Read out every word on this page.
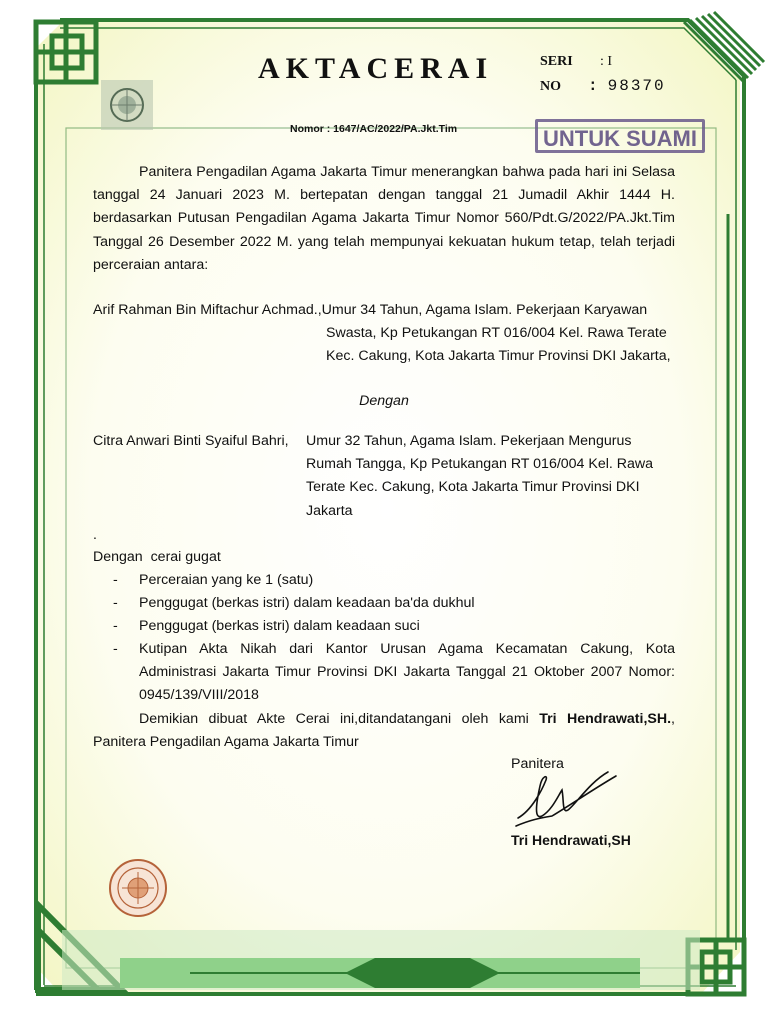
AKTACERAI	SERI : I
NO : 98370
Nomor : 1647/AC/2022/PA.Jkt.Tim	UNTUK SUAMI
Panitera Pengadilan Agama Jakarta Timur menerangkan bahwa pada hari ini Selasa tanggal 24 Januari 2023 M. bertepatan dengan tanggal 21 Jumadil Akhir 1444 H. berdasarkan Putusan Pengadilan Agama Jakarta Timur Nomor 560/Pdt.G/2022/PA.Jkt.Tim Tanggal 26 Desember 2022 M. yang telah mempunyai kekuatan hukum tetap, telah terjadi perceraian antara:
Arif Rahman Bin Miftachur Achmad.,Umur 34 Tahun, Agama Islam. Pekerjaan Karyawan
Swasta, Kp Petukangan RT 016/004 Kel. Rawa Terate
Kec. Cakung, Kota Jakarta Timur Provinsi DKI Jakarta,
Dengan
Citra Anwari Binti Syaiful Bahri,	Umur 32 Tahun, Agama Islam. Pekerjaan Mengurus
Rumah Tangga, Kp Petukangan RT 016/004 Kel. Rawa
Terate Kec. Cakung, Kota Jakarta Timur Provinsi DKI
Jakarta
.
Dengan  cerai gugat
-	Perceraian yang ke 1 (satu)
-	Penggugat (berkas istri) dalam keadaan ba'da dukhul
-	Penggugat (berkas istri) dalam keadaan suci
-	Kutipan Akta Nikah dari Kantor Urusan Agama Kecamatan Cakung, Kota Administrasi Jakarta Timur Provinsi DKI Jakarta Tanggal 21 Oktober 2007 Nomor: 0945/139/VIII/2018
Demikian dibuat Akte Cerai ini,ditandatangani oleh kami Tri Hendrawati,SH., Panitera Pengadilan Agama Jakarta Timur
Panitera
Tri Hendrawati,SH
